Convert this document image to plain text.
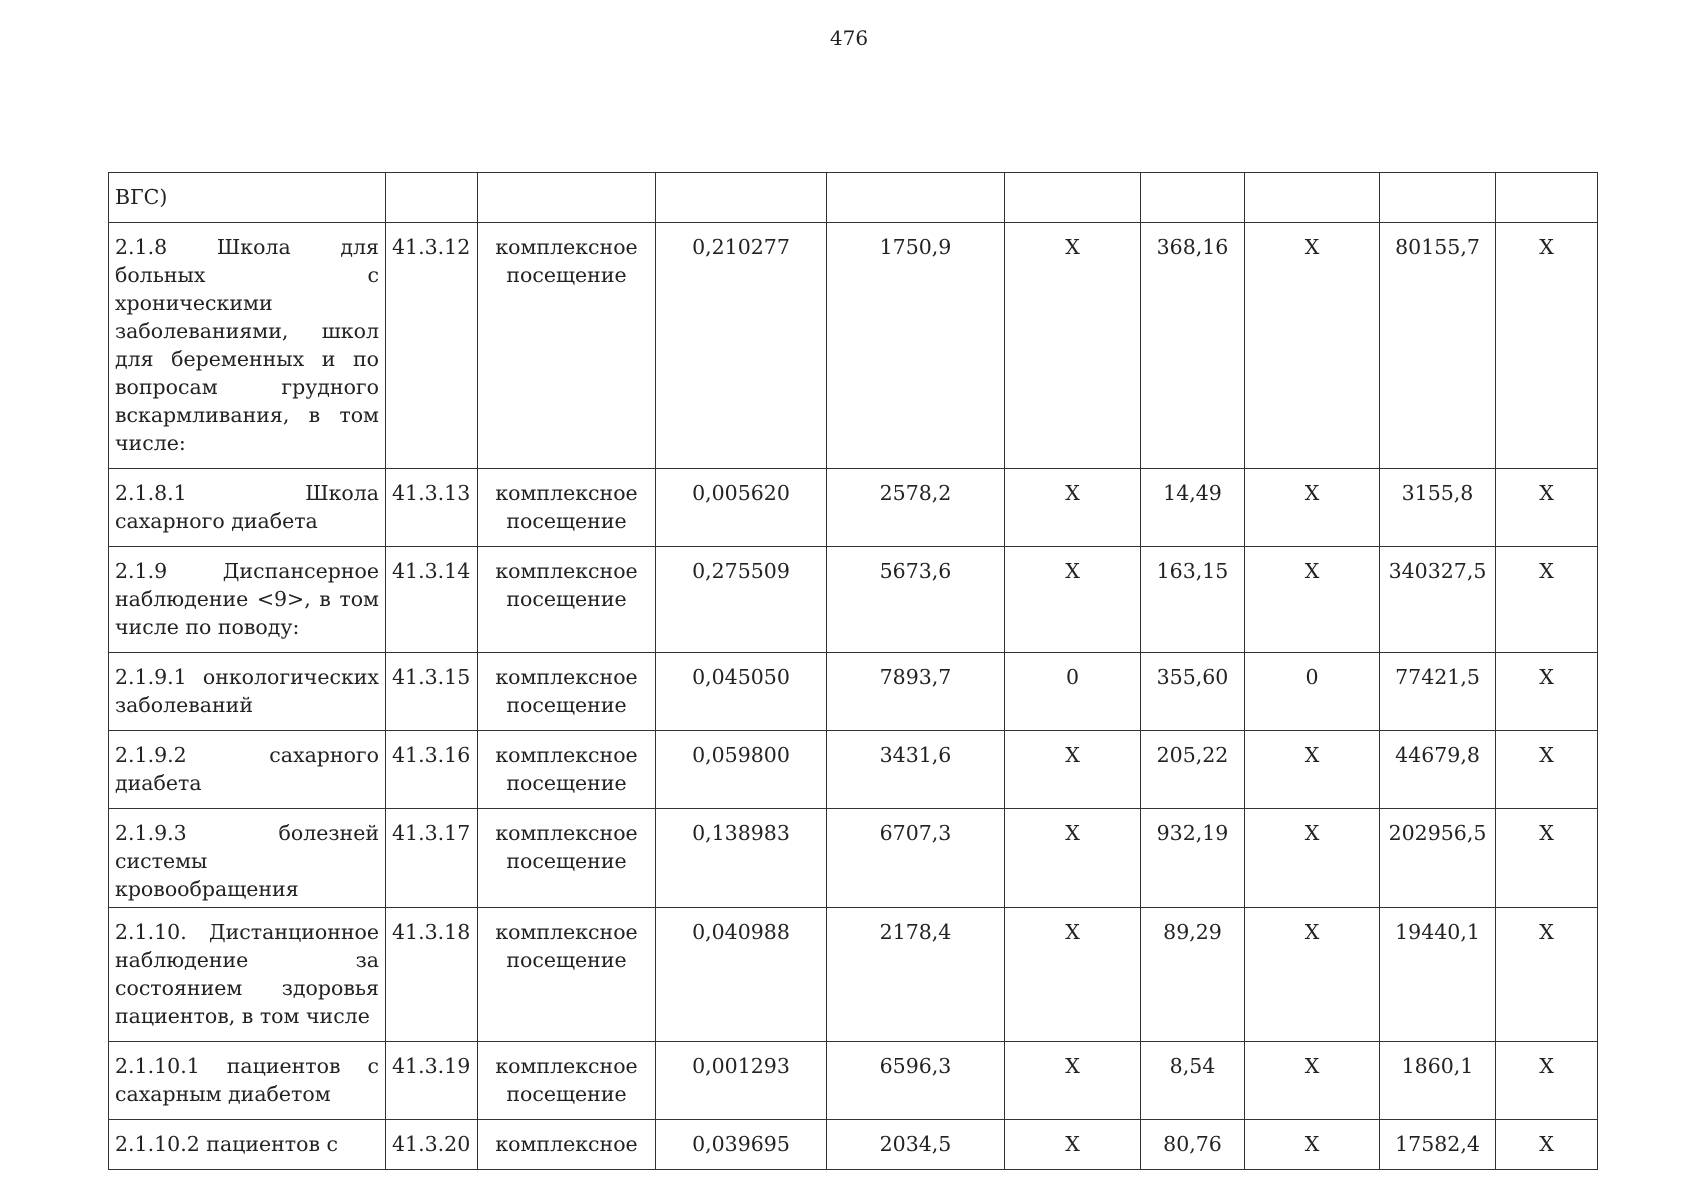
476
ВГС)									
2.1.8 Школа для больных с хроническими заболеваниями, школ для беременных и по вопросам грудного вскармливания, в том числе:	41.3.12	комплексное посещение	0,210277	1750,9	Х	368,16	Х	80155,7	Х
2.1.8.1 Школа сахарного диабета	41.3.13	комплексное посещение	0,005620	2578,2	Х	14,49	Х	3155,8	Х
2.1.9 Диспансерное наблюдение <9>, в том числе по поводу:	41.3.14	комплексное посещение	0,275509	5673,6	Х	163,15	Х	340327,5	Х
2.1.9.1 онкологических заболеваний	41.3.15	комплексное посещение	0,045050	7893,7	0	355,60	0	77421,5	Х
2.1.9.2 сахарного диабета	41.3.16	комплексное посещение	0,059800	3431,6	Х	205,22	Х	44679,8	Х
2.1.9.3 болезней системы кровообращения	41.3.17	комплексное посещение	0,138983	6707,3	Х	932,19	Х	202956,5	Х
2.1.10. Дистанционное наблюдение за состоянием здоровья пациентов, в том числе	41.3.18	комплексное посещение	0,040988	2178,4	Х	89,29	Х	19440,1	Х
2.1.10.1 пациентов с сахарным диабетом	41.3.19	комплексное посещение	0,001293	6596,3	Х	8,54	Х	1860,1	Х
2.1.10.2 пациентов с	41.3.20	комплексное	0,039695	2034,5	Х	80,76	Х	17582,4	Х
